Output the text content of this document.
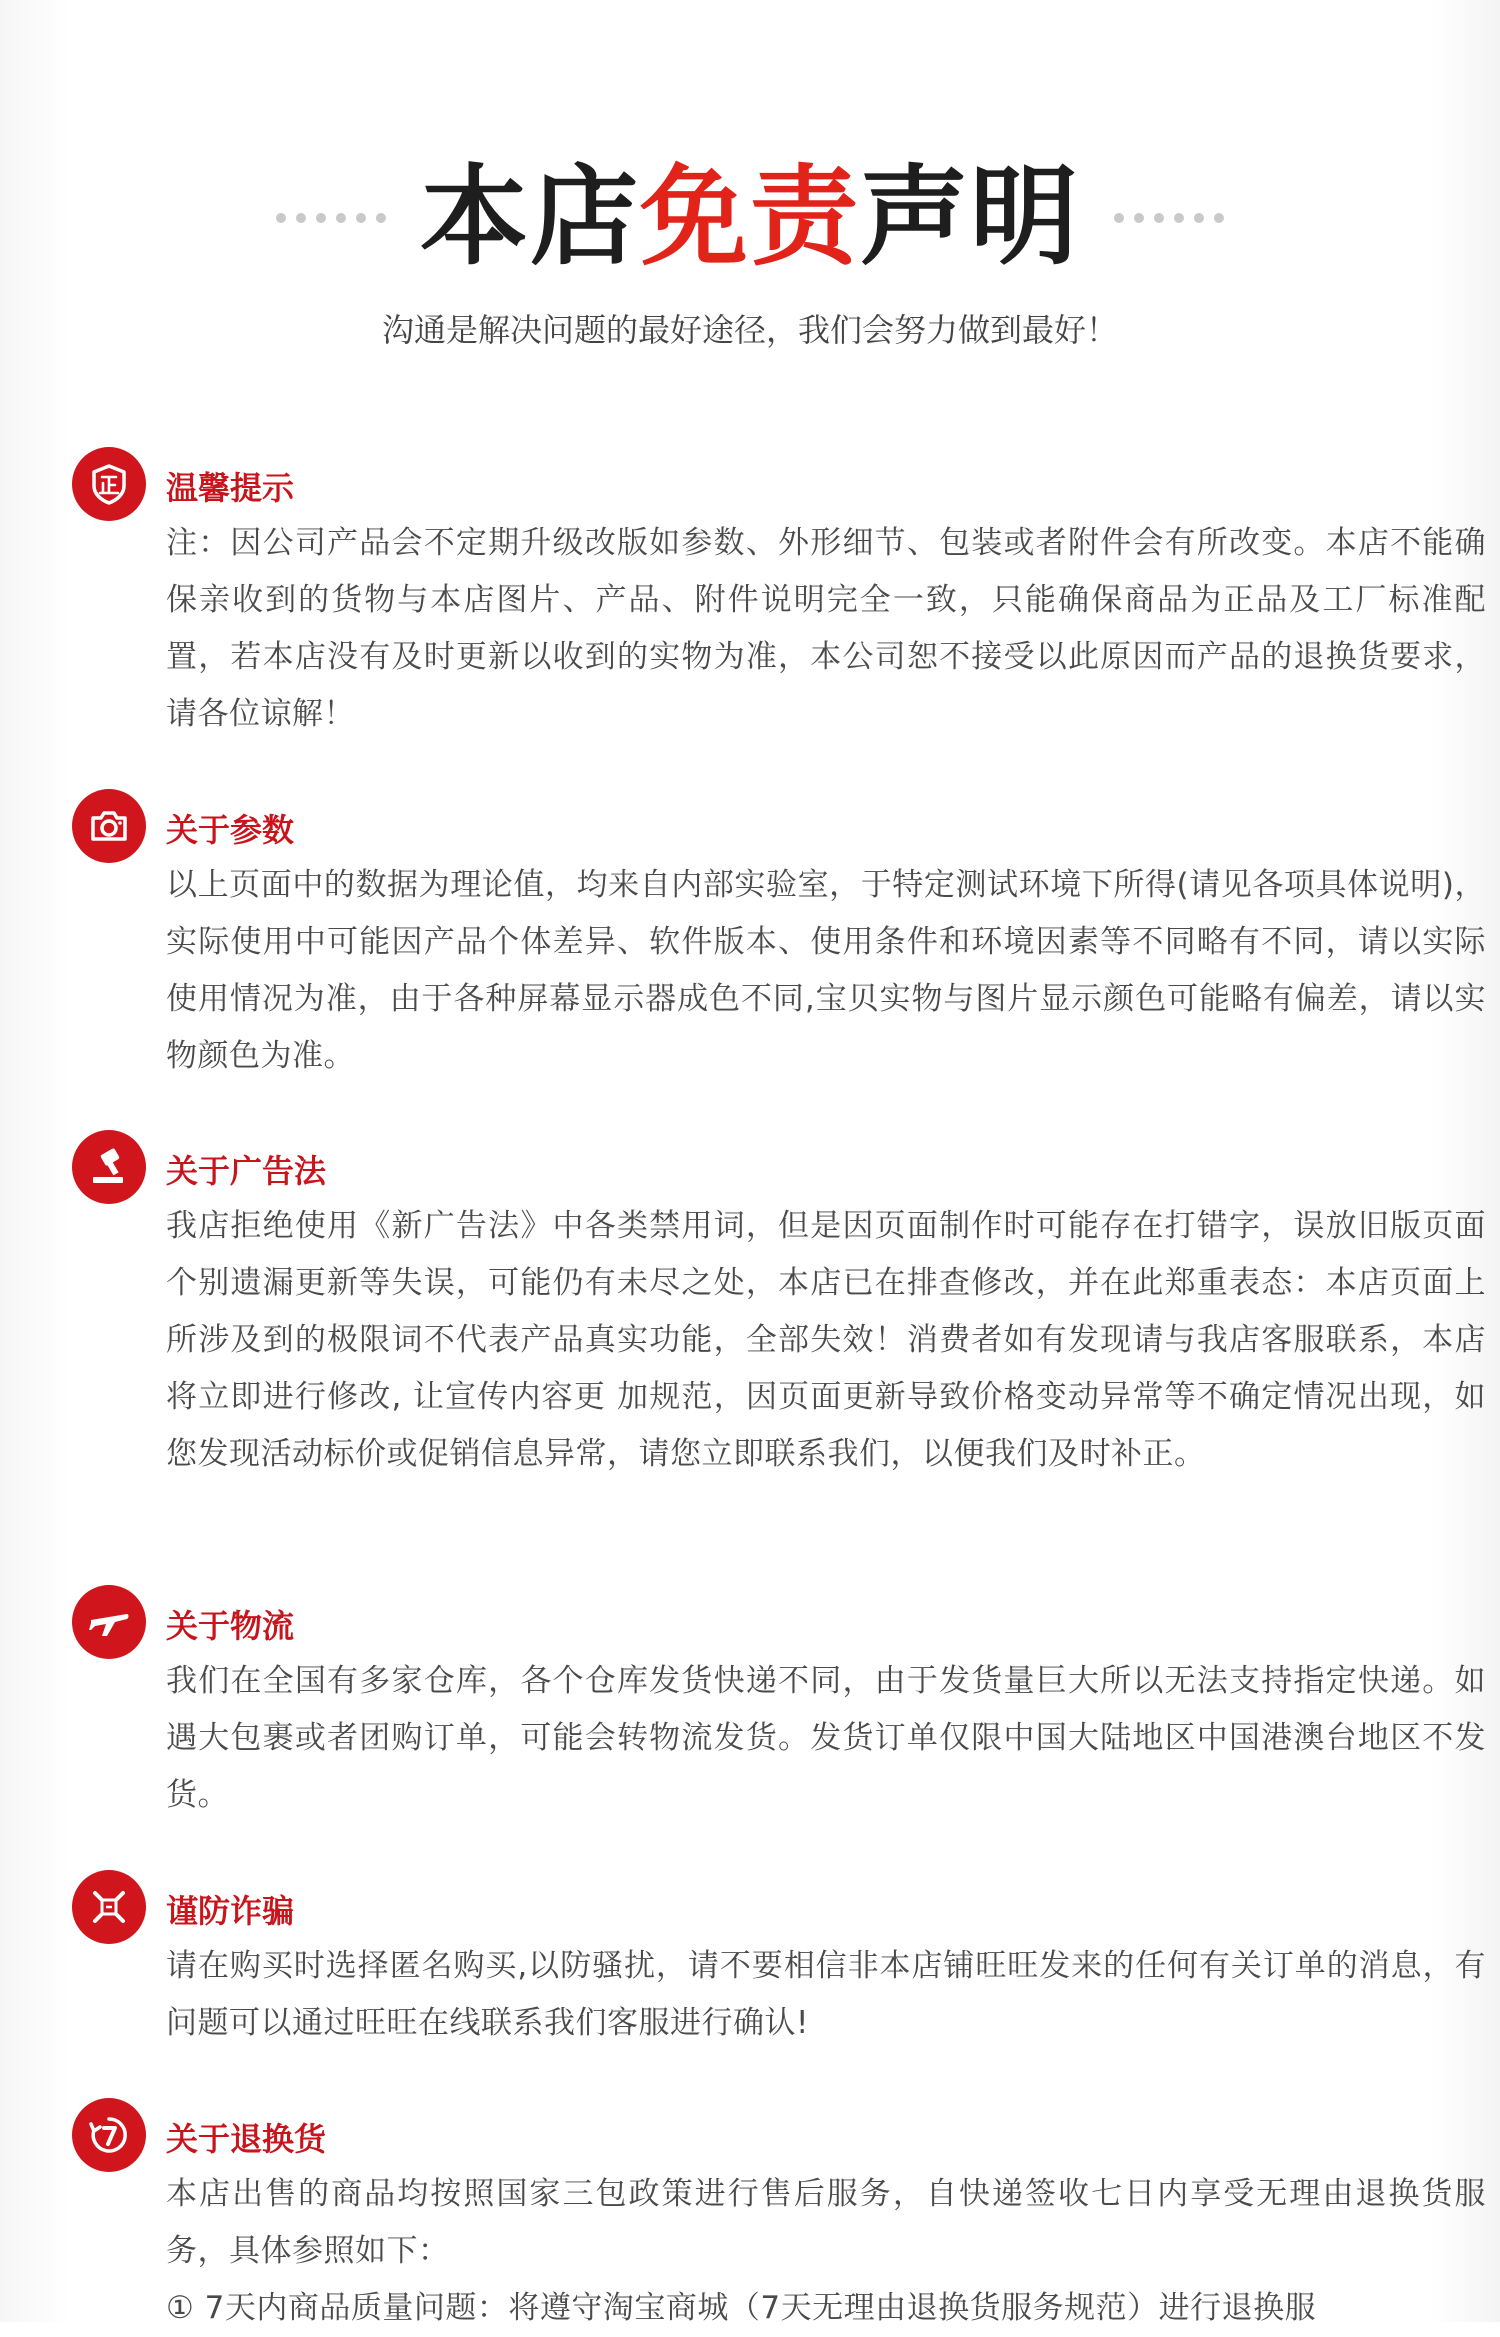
本店免责声明
沟通是解决问题的最好途径，我们会努力做到最好！
温馨提示

注：因公司产品会不定期升级改版如参数、外形细节、包装或者附件会有所改变。本店不能确保亲收到的货物与本店图片、产品、附件说明完全一致，只能确保商品为正品及工厂标准配置，若本店没有及时更新以收到的实物为准，本公司恕不接受以此原因而产品的退换货要求，请各位谅解！

关于参数

以上页面中的数据为理论值，均来自内部实验室，于特定测试环境下所得(请见各项具体说明)，实际使用中可能因产品个体差异、软件版本、使用条件和环境因素等不同略有不同，请以实际使用情况为准，由于各种屏幕显示器成色不同,宝贝实物与图片显示颜色可能略有偏差，请以实物颜色为准。

关于广告法

我店拒绝使用《新广告法》中各类禁用词，但是因页面制作时可能存在打错字，误放旧版页面个别遗漏更新等失误，可能仍有未尽之处，本店已在排查修改，并在此郑重表态：本店页面上所涉及到的极限词不代表产品真实功能，全部失效！消费者如有发现请与我店客服联系，本店将立即进行修改, 让宣传内容更 加规范，因页面更新导致价格变动异常等不确定情况出现，如您发现活动标价或促销信息异常，请您立即联系我们，以便我们及时补正。

关于物流

我们在全国有多家仓库，各个仓库发货快递不同，由于发货量巨大所以无法支持指定快递。如遇大包裹或者团购订单，可能会转物流发货。发货订单仅限中国大陆地区中国港澳台地区不发货。

谨防诈骗

请在购买时选择匿名购买,以防骚扰，请不要相信非本店铺旺旺发来的任何有关订单的消息，有问题可以通过旺旺在线联系我们客服进行确认!

关于退换货

本店出售的商品均按照国家三包政策进行售后服务，自快递签收七日内享受无理由退换货服务，具体参照如下：

① 7天内商品质量问题：将遵守淘宝商城（7天无理由退换货服务规范）进行退换服
